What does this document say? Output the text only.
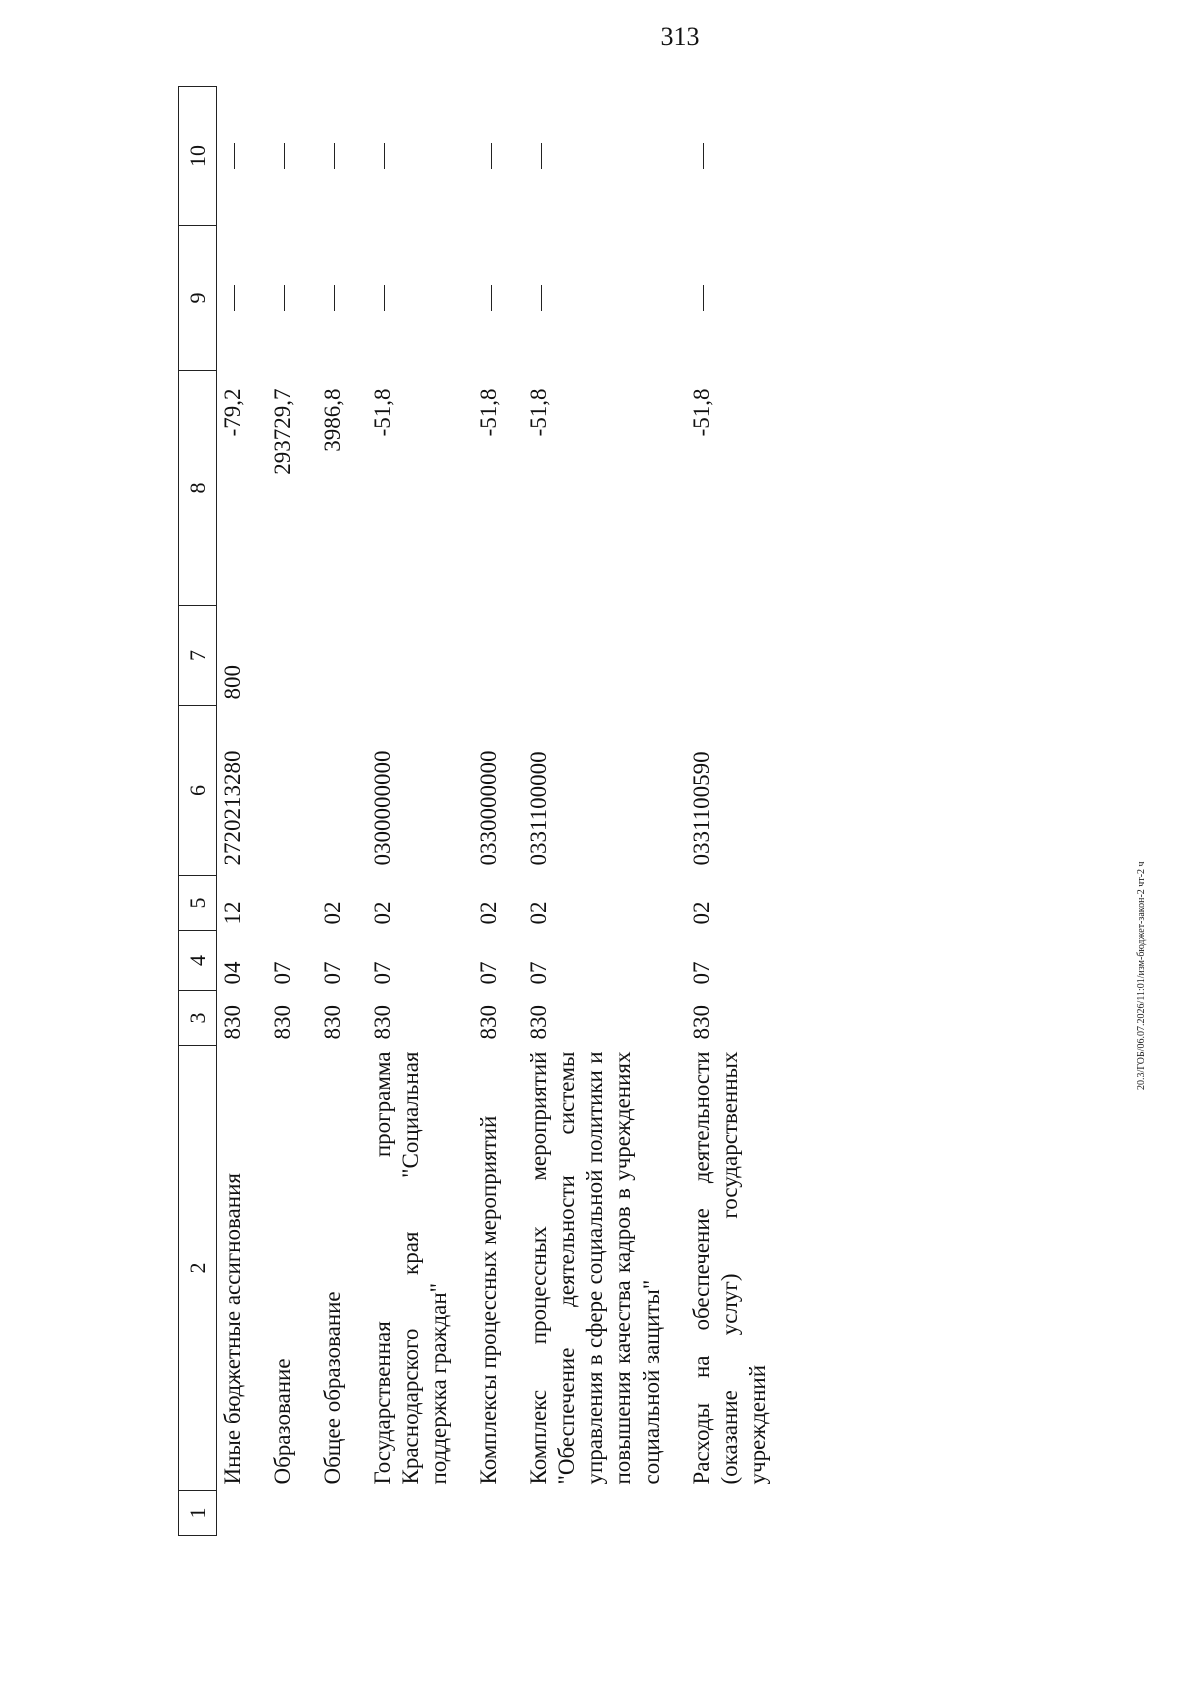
313
20.3/ГОБ/06.07.2026/11:01/изм-бюджет-закон-2 чт-2 ч
1	2	3	4	5	6	7	8	9	10
	Иные бюджетные ассигнования	830	04	12	2720213280	800	-79,2		
	Образование	830	07				293729,7		
	Общее образование	830	07	02			3986,8		
	Государственная программа Краснодарского края "Социальная поддержка граждан"	830	07	02	0300000000		-51,8		
	Комплексы процессных мероприятий	830	07	02	0330000000		-51,8		
	Комплекс процессных мероприятий "Обеспечение деятельности системы управления в сфере социальной политики и повышения качества кадров в учреждениях социальной защиты"	830	07	02	0331100000		-51,8		
	Расходы на обеспечение деятельности (оказание услуг) государственных учреждений	830	07	02	0331100590		-51,8		
